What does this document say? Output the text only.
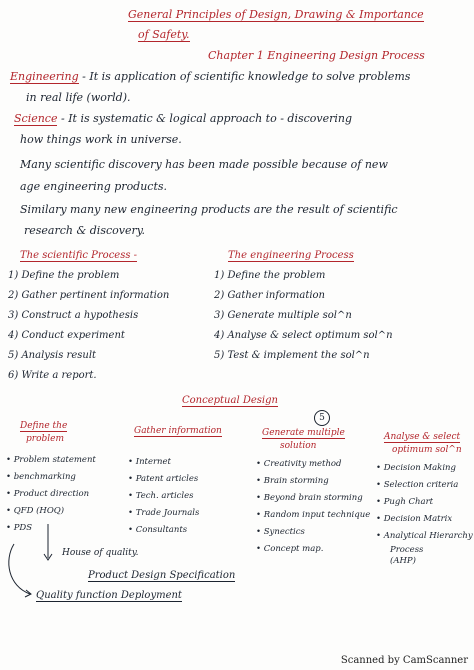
General Principles of Design, Drawing & Importance
of Safety.
Chapter 1 Engineering Design Process
Engineering - It is application of scientific knowledge to solve problems
in real life (world).
Science - It is systematic & logical approach to - discovering
how things work in universe.
Many scientific discovery has been made possible because of new
age engineering products.
Similary many new engineering products are the result of scientific
research & discovery.
The scientific Process -
1) Define the problem
2) Gather pertinent information
3) Construct a hypothesis
4) Conduct experiment
5) Analysis result
6) Write a report.
The engineering Process
1) Define the problem
2) Gather information
3) Generate multiple sol^n
4) Analyse & select optimum sol^n
5) Test & implement the sol^n
Conceptual Design
5
Define the
problem
• Problem statement
• benchmarking
• Product direction
• QFD (HOQ)
• PDS
Gather information
• Internet
• Patent articles
• Tech. articles
• Trade Journals
• Consultants
Generate multiple
solution
• Creativity method
• Brain storming
• Beyond brain storming
• Random input technique
• Synectics
• Concept map.
Analyse & select
optimum sol^n
• Decision Making
• Selection criteria
• Pugh Chart
• Decision Matrix
• Analytical Hierarchy
Process
(AHP)
House of quality.
Product Design Specification
Quality function Deployment
Scanned by CamScanner
